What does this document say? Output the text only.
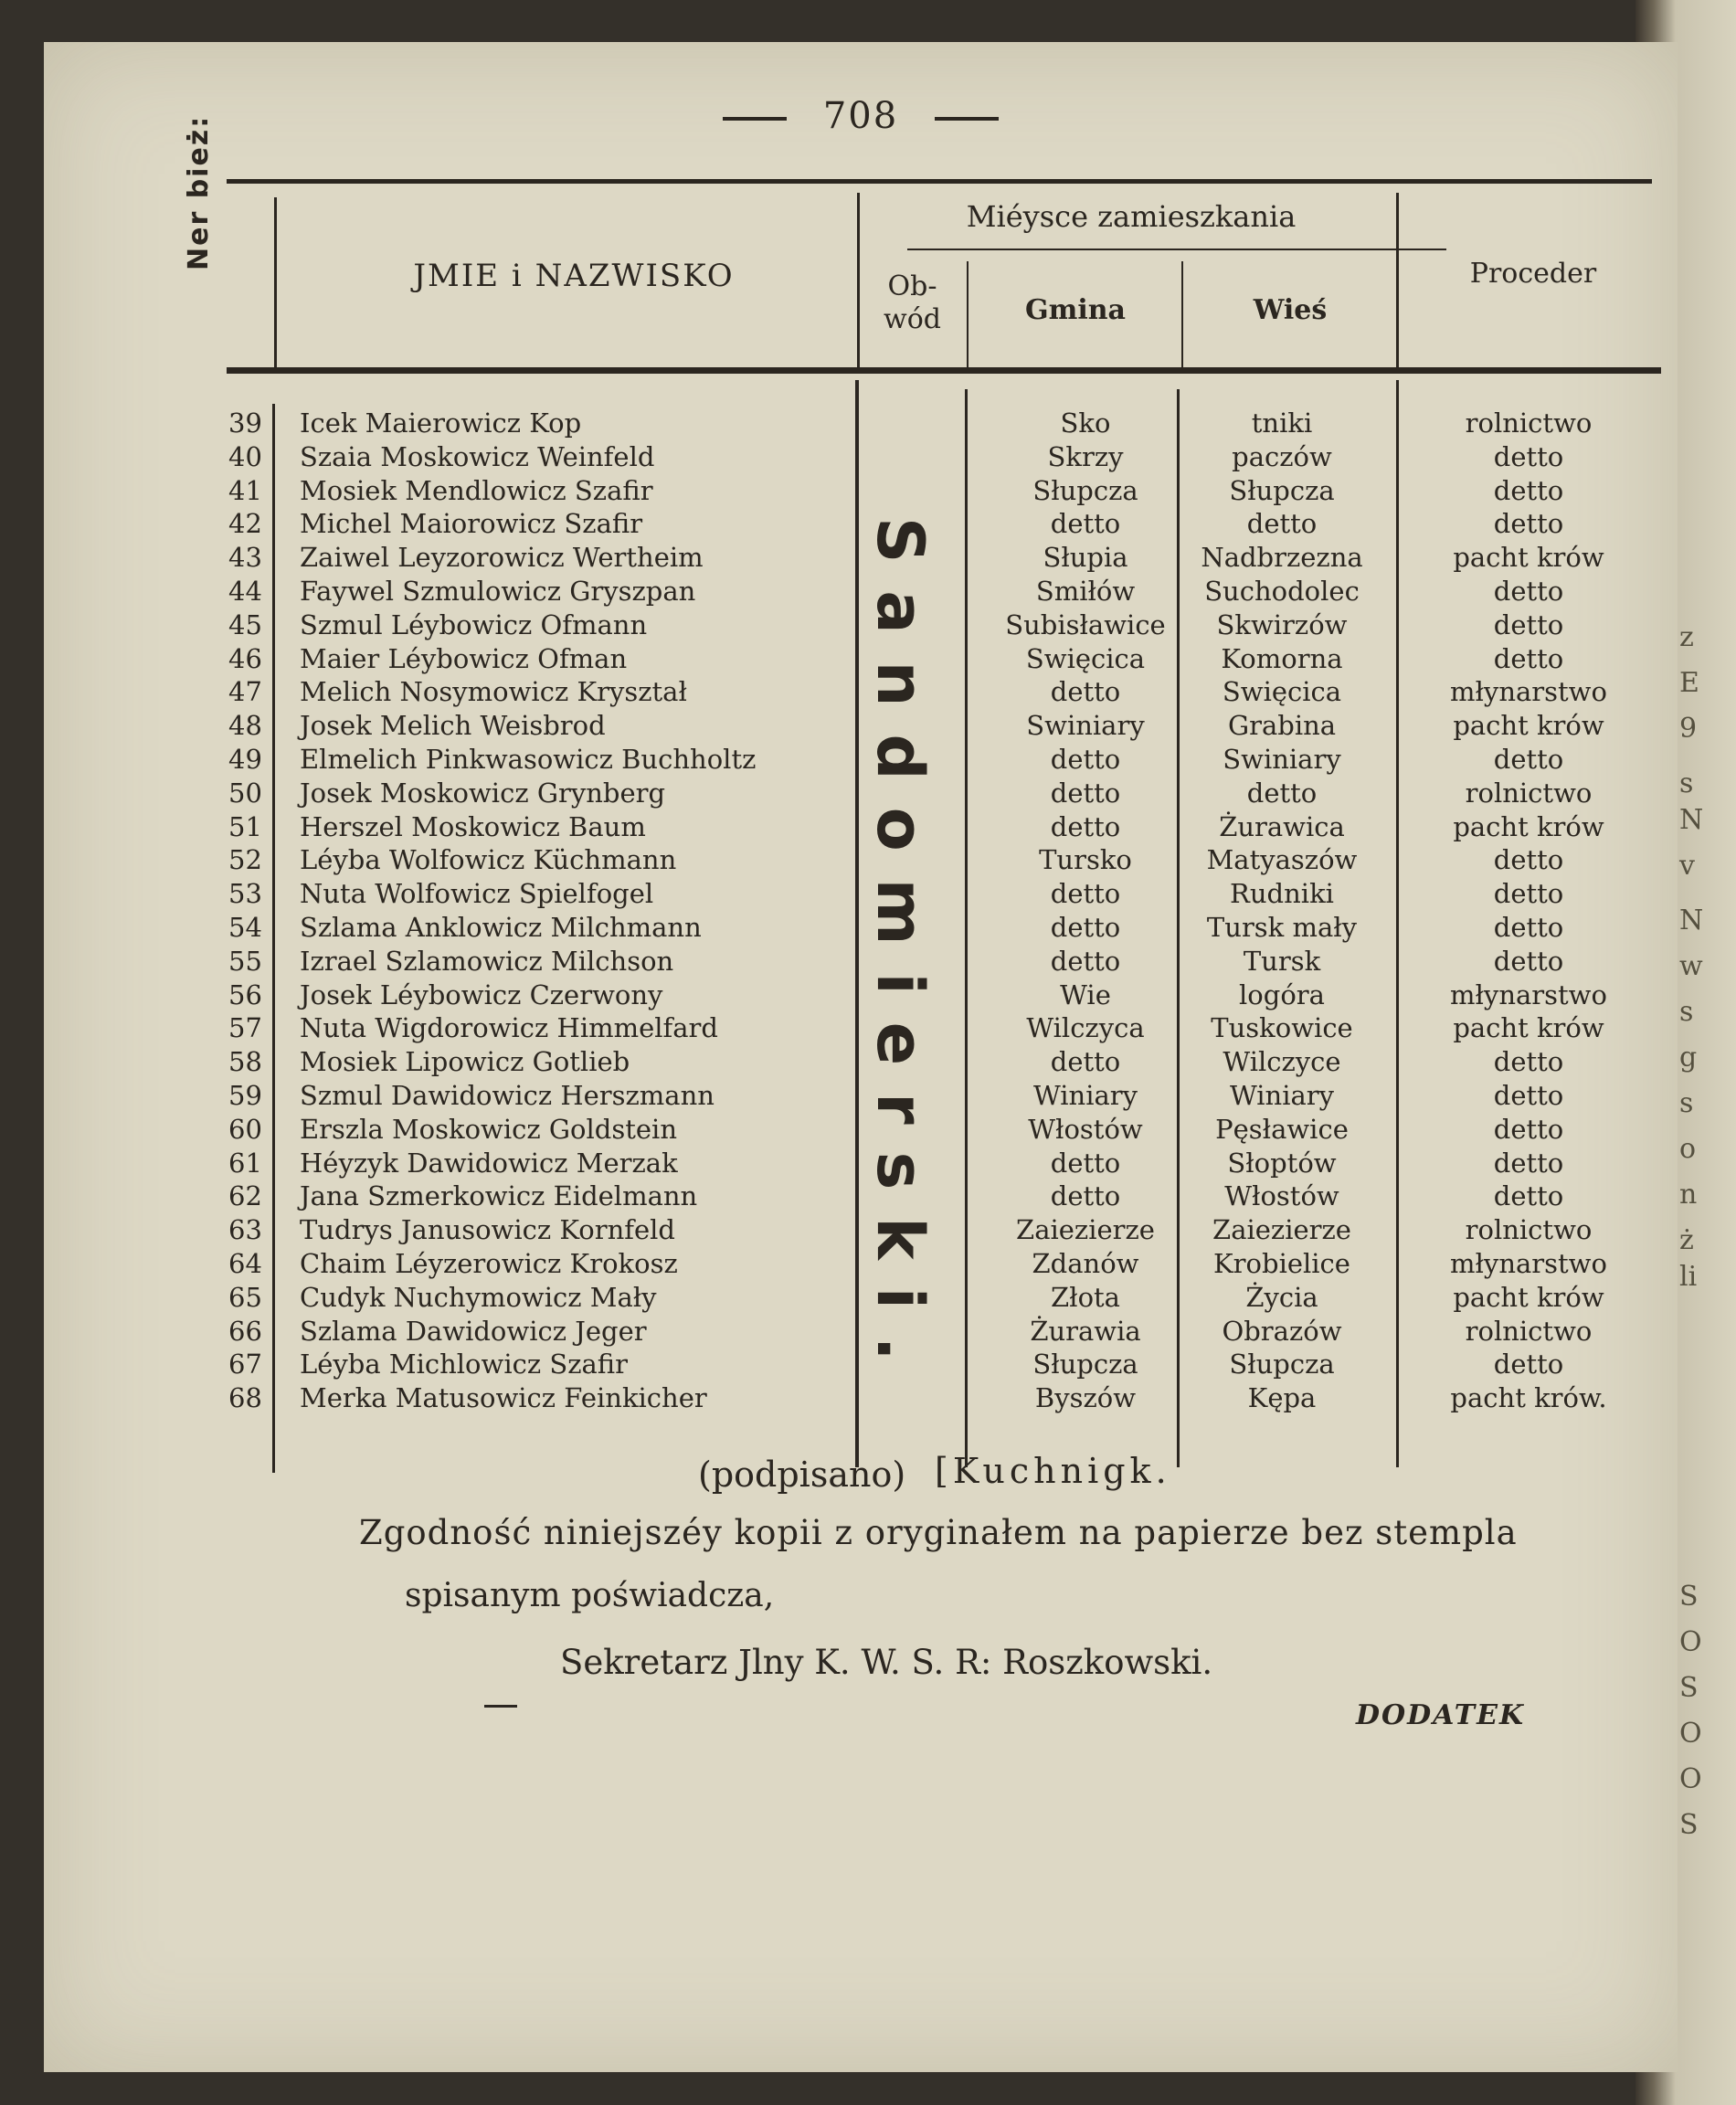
z
E
9
s
N
v
N
w
s
g
s
o
n
ż
li
S
O
S
O
O
S
708
Ner bież:
JMIE i NAZWISKO
Miéysce zamieszkania
Ob-
wód	Gmina	Wieś
Proceder
Sandomierski.
39	Icek Maierowicz Kop	Sko	tniki	rolnictwo
40	Szaia Moskowicz Weinfeld	Skrzy	paczów	detto
41	Mosiek Mendlowicz Szafir	Słupcza	Słupcza	detto
42	Michel Maiorowicz Szafir	detto	detto	detto
43	Zaiwel Leyzorowicz Wertheim	Słupia	Nadbrzezna	pacht krów
44	Faywel Szmulowicz Gryszpan	Smiłów	Suchodolec	detto
45	Szmul Léybowicz Ofmann	Subisławice	Skwirzów	detto
46	Maier Léybowicz Ofman	Swięcica	Komorna	detto
47	Melich Nosymowicz Kryształ	detto	Swięcica	młynarstwo
48	Josek Melich Weisbrod	Swiniary	Grabina	pacht krów
49	Elmelich Pinkwasowicz Buchholtz	detto	Swiniary	detto
50	Josek Moskowicz Grynberg	detto	detto	rolnictwo
51	Herszel Moskowicz Baum	detto	Żurawica	pacht krów
52	Léyba Wolfowicz Küchmann	Tursko	Matyaszów	detto
53	Nuta Wolfowicz Spielfogel	detto	Rudniki	detto
54	Szlama Anklowicz Milchmann	detto	Tursk mały	detto
55	Izrael Szlamowicz Milchson	detto	Tursk	detto
56	Josek Léybowicz Czerwony	Wie	logóra	młynarstwo
57	Nuta Wigdorowicz Himmelfard	Wilczyca	Tuskowice	pacht krów
58	Mosiek Lipowicz Gotlieb	detto	Wilczyce	detto
59	Szmul Dawidowicz Herszmann	Winiary	Winiary	detto
60	Erszla Moskowicz Goldstein	Włostów	Pęsławice	detto
61	Héyzyk Dawidowicz Merzak	detto	Słoptów	detto
62	Jana Szmerkowicz Eidelmann	detto	Włostów	detto
63	Tudrys Janusowicz Kornfeld	Zaiezierze	Zaiezierze	rolnictwo
64	Chaim Léyzerowicz Krokosz	Zdanów	Krobielice	młynarstwo
65	Cudyk Nuchymowicz Mały	Złota	Życia	pacht krów
66	Szlama Dawidowicz Jeger	Żurawia	Obrazów	rolnictwo
67	Léyba Michlowicz Szafir	Słupcza	Słupcza	detto
68	Merka Matusowicz Feinkicher	Byszów	Kępa	pacht krów.
(podpisano) [Kuchnigk.
Zgodność niniejszéy kopii z oryginałem na papierze bez stempla
spisanym poświadcza,
Sekretarz Jlny K. W. S. R: Roszkowski.
DODATEK
